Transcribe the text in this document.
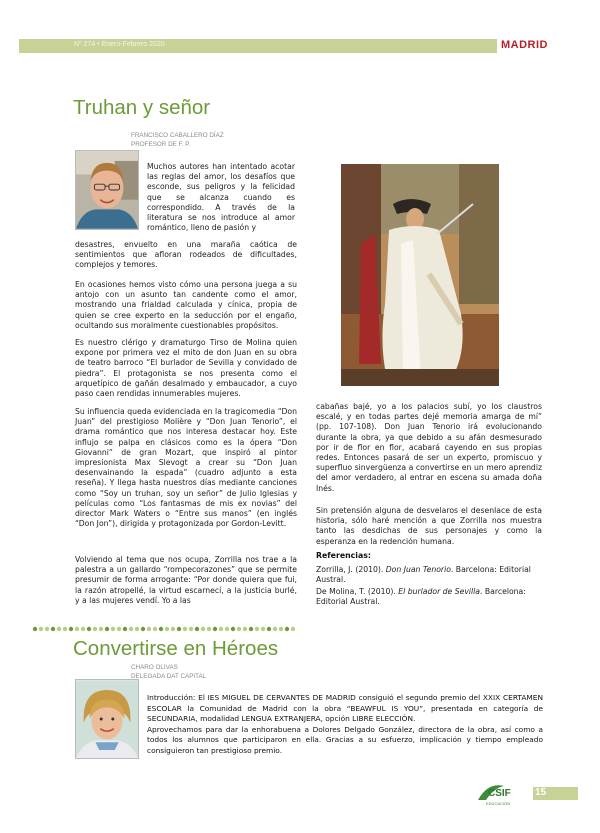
Nº 274 • Enero-Febrero 2020	MADRID
Truhan y señor
FRANCISCO CABALLERO DÍAZ
PROFESOR DE F. P.
Muchos autores han intentado acotar las reglas del amor, los desafíos que esconde, sus peligros y la felicidad que se alcanza cuando es correspondido. A través de la literatura se nos introduce al amor romántico, lleno de pasión y
desastres, envuelto en una maraña caótica de sentimientos que afloran rodeados de dificultades, complejos y temores.
En ocasiones hemos visto cómo una persona juega a su antojo con un asunto tan candente como el amor, mostrando una frialdad calculada y cínica, propia de quien se cree experto en la seducción por el engaño, ocultando sus moralmente cuestionables propósitos.
Es nuestro clérigo y dramaturgo Tirso de Molina quien expone por primera vez el mito de don Juan en su obra de teatro barroco “El burlador de Sevilla y convidado de piedra”. El protagonista se nos presenta como el arquetípico de gañán desalmado y embaucador, a cuyo paso caen rendidas innumerables mujeres.
Su influencia queda evidenciada en la tragicomedia “Don Juan” del prestigioso Molière y “Don Juan Tenorio”, el drama romántico que nos interesa destacar hoy. Este influjo se palpa en clásicos como es la ópera “Don Giovanni” de gran Mozart, que inspiró al pintor impresionista Max Slevogt a crear su “Don Juan desenvainando la espada” (cuadro adjunto a esta reseña). Y llega hasta nuestros días mediante canciones como “Soy un truhan, soy un señor” de Julio Iglesias y películas como “Los fantasmas de mis ex novias” del director Mark Waters o “Entre sus manos” (en inglés “Don Jon”), dirigida y protagonizada por Gordon-Levitt.
Volviendo al tema que nos ocupa, Zorrilla nos trae a la palestra a un gallardo “rompecorazones” que se permite presumir de forma arrogante: “Por donde quiera que fui, la razón atropellé, la virtud escarnecí, a la justicia burlé, y a las mujeres vendí. Yo a las
cabañas bajé, yo a los palacios subí, yo los claustros escalé, y en todas partes dejé memoria amarga de mí” (pp. 107-108). Don Juan Tenorio irá evolucionando durante la obra, ya que debido a su afán desmesurado por ir de flor en flor, acabará cayendo en sus propias redes. Entonces pasará de ser un experto, promiscuo y superfluo sinvergüenza a convertirse en un mero aprendiz del amor verdadero, al entrar en escena su amada doña Inés.
Sin pretensión alguna de desvelaros el desenlace de esta historia, sólo haré mención a que Zorrilla nos muestra tanto las desdichas de sus personajes y como la esperanza en la redención humana.
Referencias:
Zorrilla, J. (2010). Don Juan Tenorio. Barcelona: Editorial Austral.
De Molina, T. (2010). El burlador de Sevilla. Barcelona: Editorial Austral.
Convertirse en Héroes
CHARO OLIVAS
DELEGADA DAT CAPITAL
Introducción: El IES MIGUEL DE CERVANTES DE MADRID consiguió el segundo premio del XXIX CERTAMEN ESCOLAR la Comunidad de Madrid con la obra “BEAWFUL IS YOU”, presentada en categoría de SECUNDARIA, modalidad LENGUA EXTRANJERA, opción LIBRE ELECCIÓN.
Aprovechamos para dar la enhorabuena a Dolores Delgado González, directora de la obra, así como a todos los alumnos que participaron en ella. Gracias a su esfuerzo, implicación y tiempo empleado consiguieron tan prestigioso premio.
CSIF
EDUCACIÓN
15
